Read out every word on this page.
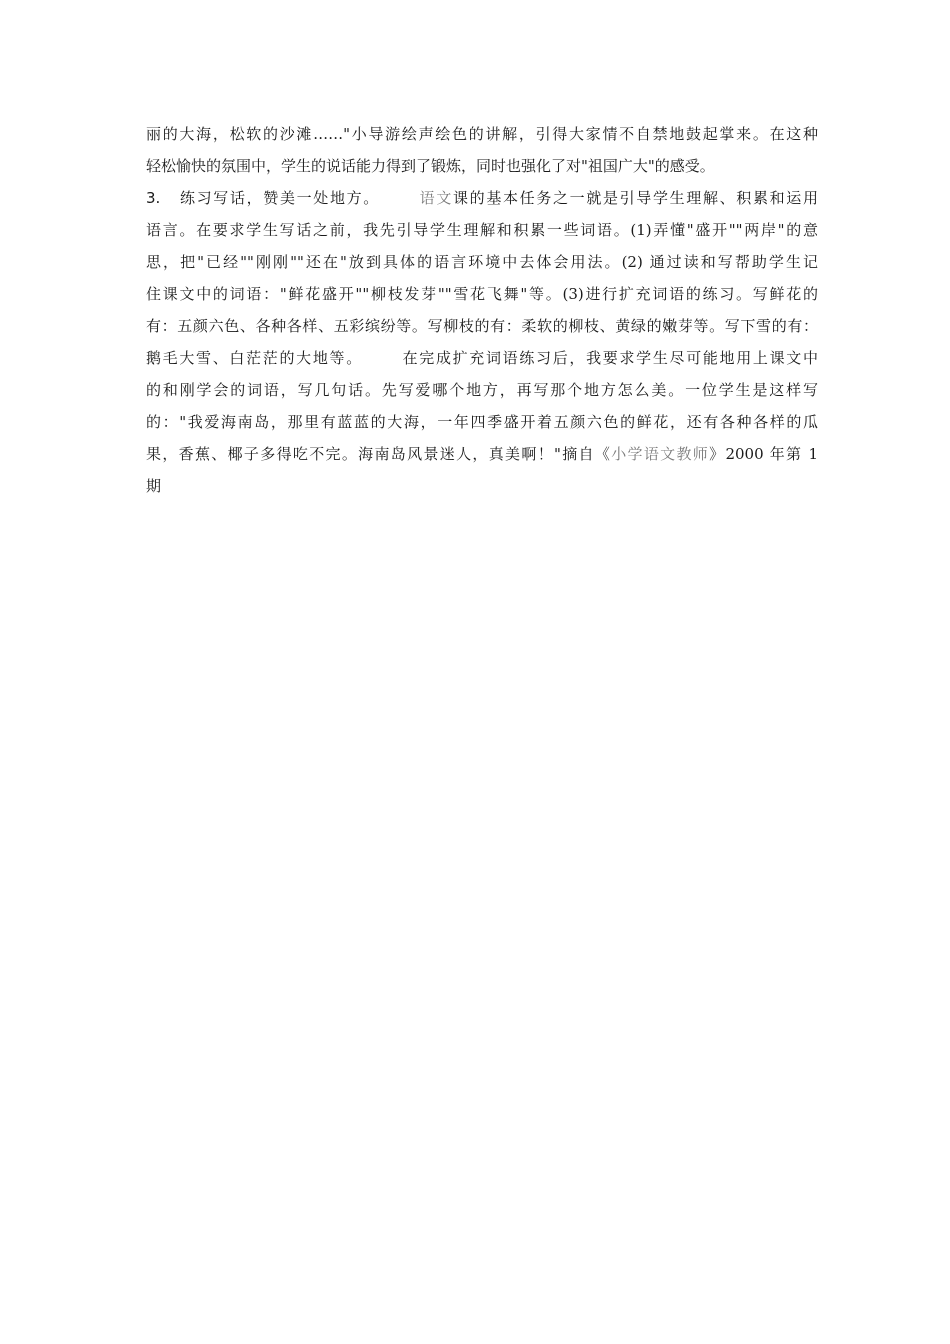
丽的大海，松软的沙滩……"小导游绘声绘色的讲解，引得大家情不自禁地鼓起掌来。在这种
轻松愉快的氛围中，学生的说话能力得到了锻炼，同时也强化了对"祖国广大"的感受。
3. 练习写话，赞美一处地方。	语文课的基本任务之一就是引导学生理解、积累和运用
语言。在要求学生写话之前，我先引导学生理解和积累一些词语。(1)弄懂"盛开""两岸"的意
思，把"已经""刚刚""还在"放到具体的语言环境中去体会用法。(2) 通过读和写帮助学生记
住课文中的词语："鲜花盛开""柳枝发芽""雪花飞舞"等。(3)进行扩充词语的练习。写鲜花的
有：五颜六色、各种各样、五彩缤纷等。写柳枝的有：柔软的柳枝、黄绿的嫩芽等。写下雪的有：
鹅毛大雪、白茫茫的大地等。	在完成扩充词语练习后，我要求学生尽可能地用上课文中
的和刚学会的词语，写几句话。先写爱哪个地方，再写那个地方怎么美。一位学生是这样写
的："我爱海南岛，那里有蓝蓝的大海，一年四季盛开着五颜六色的鲜花，还有各种各样的瓜
果，香蕉、椰子多得吃不完。海南岛风景迷人，真美啊！"摘自《小学语文教师》2000 年第 1
期
